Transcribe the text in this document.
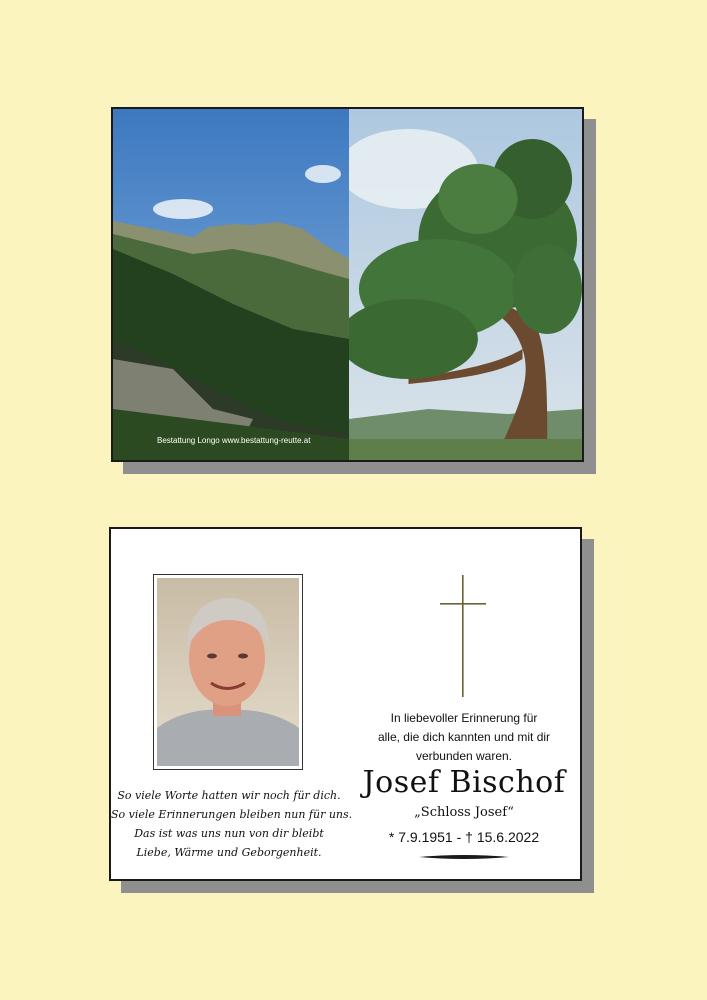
Bestattung Longo www.bestattung-reutte.at
So viele Worte hatten wir noch für dich.
So viele Erinnerungen bleiben nun für uns.
Das ist was uns nun von dir bleibt
Liebe, Wärme und Geborgenheit.
In liebevoller Erinnerung für
alle, die dich kannten und mit dir
verbunden waren.
Josef Bischof
„Schloss Josef“
* 7.9.1951 - † 15.6.2022
